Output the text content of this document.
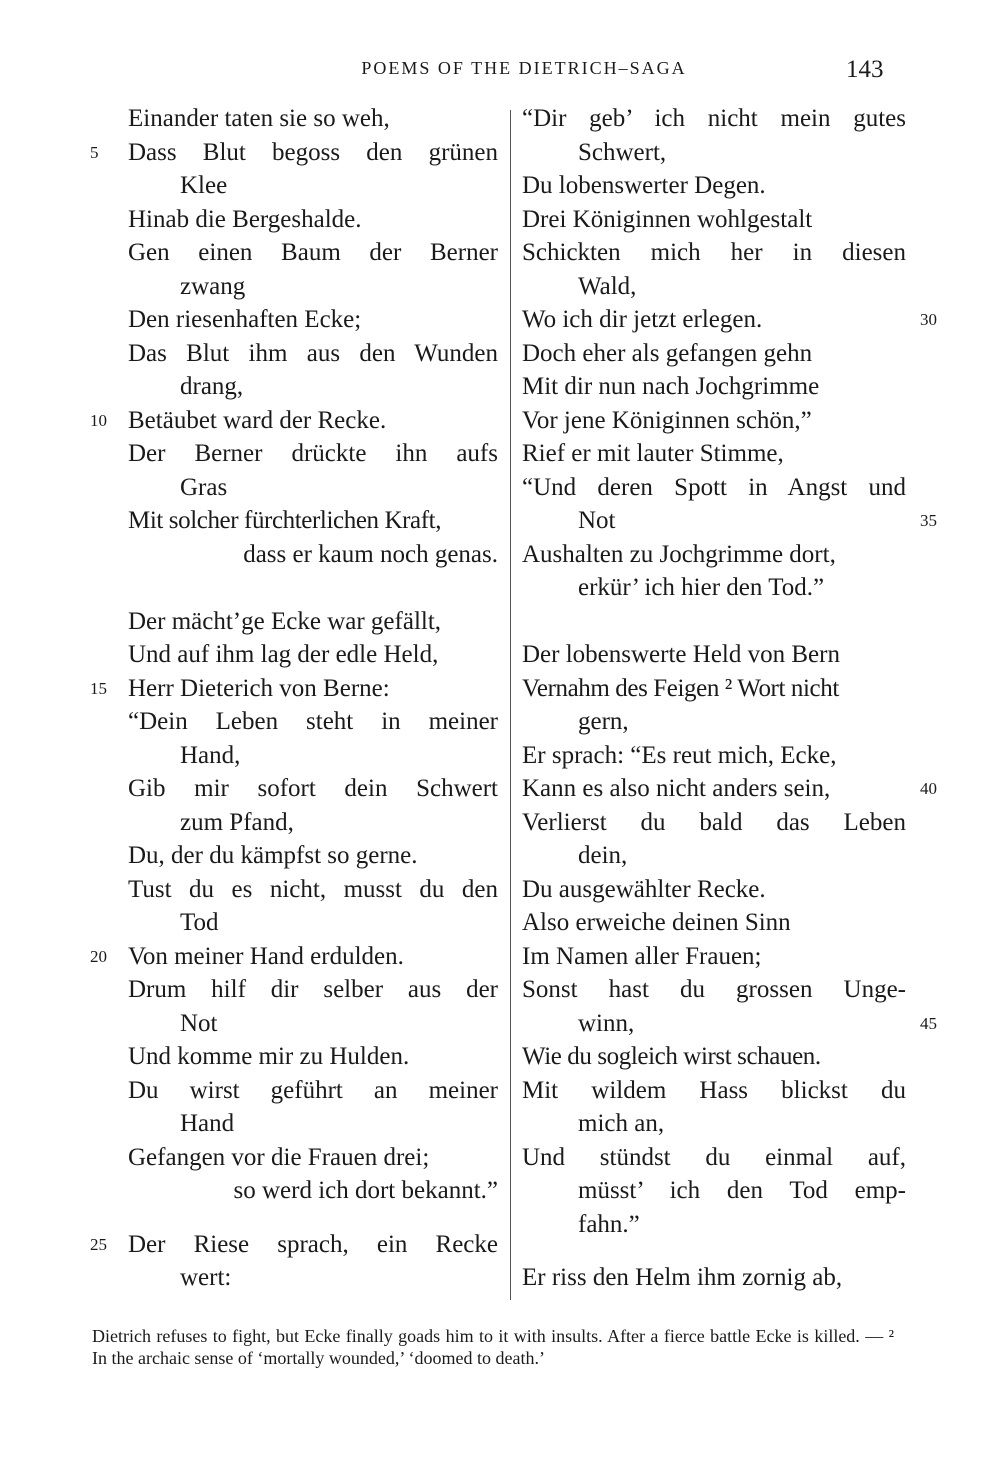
POEMS OF THE DIETRICH–SAGA	143
Einander taten sie so weh,
5 Dass Blut begoss den grünen
Klee
Hinab die Bergeshalde.
Gen einen Baum der Berner
zwang
Den riesenhaften Ecke;
Das Blut ihm aus den Wunden
drang,
10 Betäubet ward der Recke.
Der Berner drückte ihn aufs
Gras
Mit solcher fürchterlichen Kraft,
dass er kaum noch genas.
Der mächt’ge Ecke war gefällt,
Und auf ihm lag der edle Held,
15 Herr Dieterich von Berne:
“Dein Leben steht in meiner
Hand,
Gib mir sofort dein Schwert
zum Pfand,
Du, der du kämpfst so gerne.
Tust du es nicht, musst du den
Tod
20 Von meiner Hand erdulden.
Drum hilf dir selber aus der
Not
Und komme mir zu Hulden.
Du wirst geführt an meiner
Hand
Gefangen vor die Frauen drei;
so werd ich dort bekannt.”
25 Der Riese sprach, ein Recke
wert:
“Dir geb’ ich nicht mein gutes
Schwert,
Du lobenswerter Degen.
Drei Königinnen wohlgestalt
Schickten mich her in diesen
Wald,
Wo ich dir jetzt erlegen.	30
Doch eher als gefangen gehn
Mit dir nun nach Jochgrimme
Vor jene Königinnen schön,”
Rief er mit lauter Stimme,
“Und deren Spott in Angst und
Not	35
Aushalten zu Jochgrimme dort,
erkür’ ich hier den Tod.”
Der lobenswerte Held von Bern
Vernahm des Feigen ² Wort nicht
gern,
Er sprach: “Es reut mich, Ecke,
Kann es also nicht anders sein,	40
Verlierst du bald das Leben
dein,
Du ausgewählter Recke.
Also erweiche deinen Sinn
Im Namen aller Frauen;
Sonst hast du grossen Unge-
winn,	45
Wie du sogleich wirst schauen.
Mit wildem Hass blickst du
mich an,
Und stündst du einmal auf,
müsst’ ich den Tod emp-
fahn.”
Er riss den Helm ihm zornig ab,
Dietrich refuses to fight, but Ecke finally goads him to it with insults. After a fierce battle Ecke is killed. — ² In the archaic sense of ‘mortally wounded,’ ‘doomed to death.’
